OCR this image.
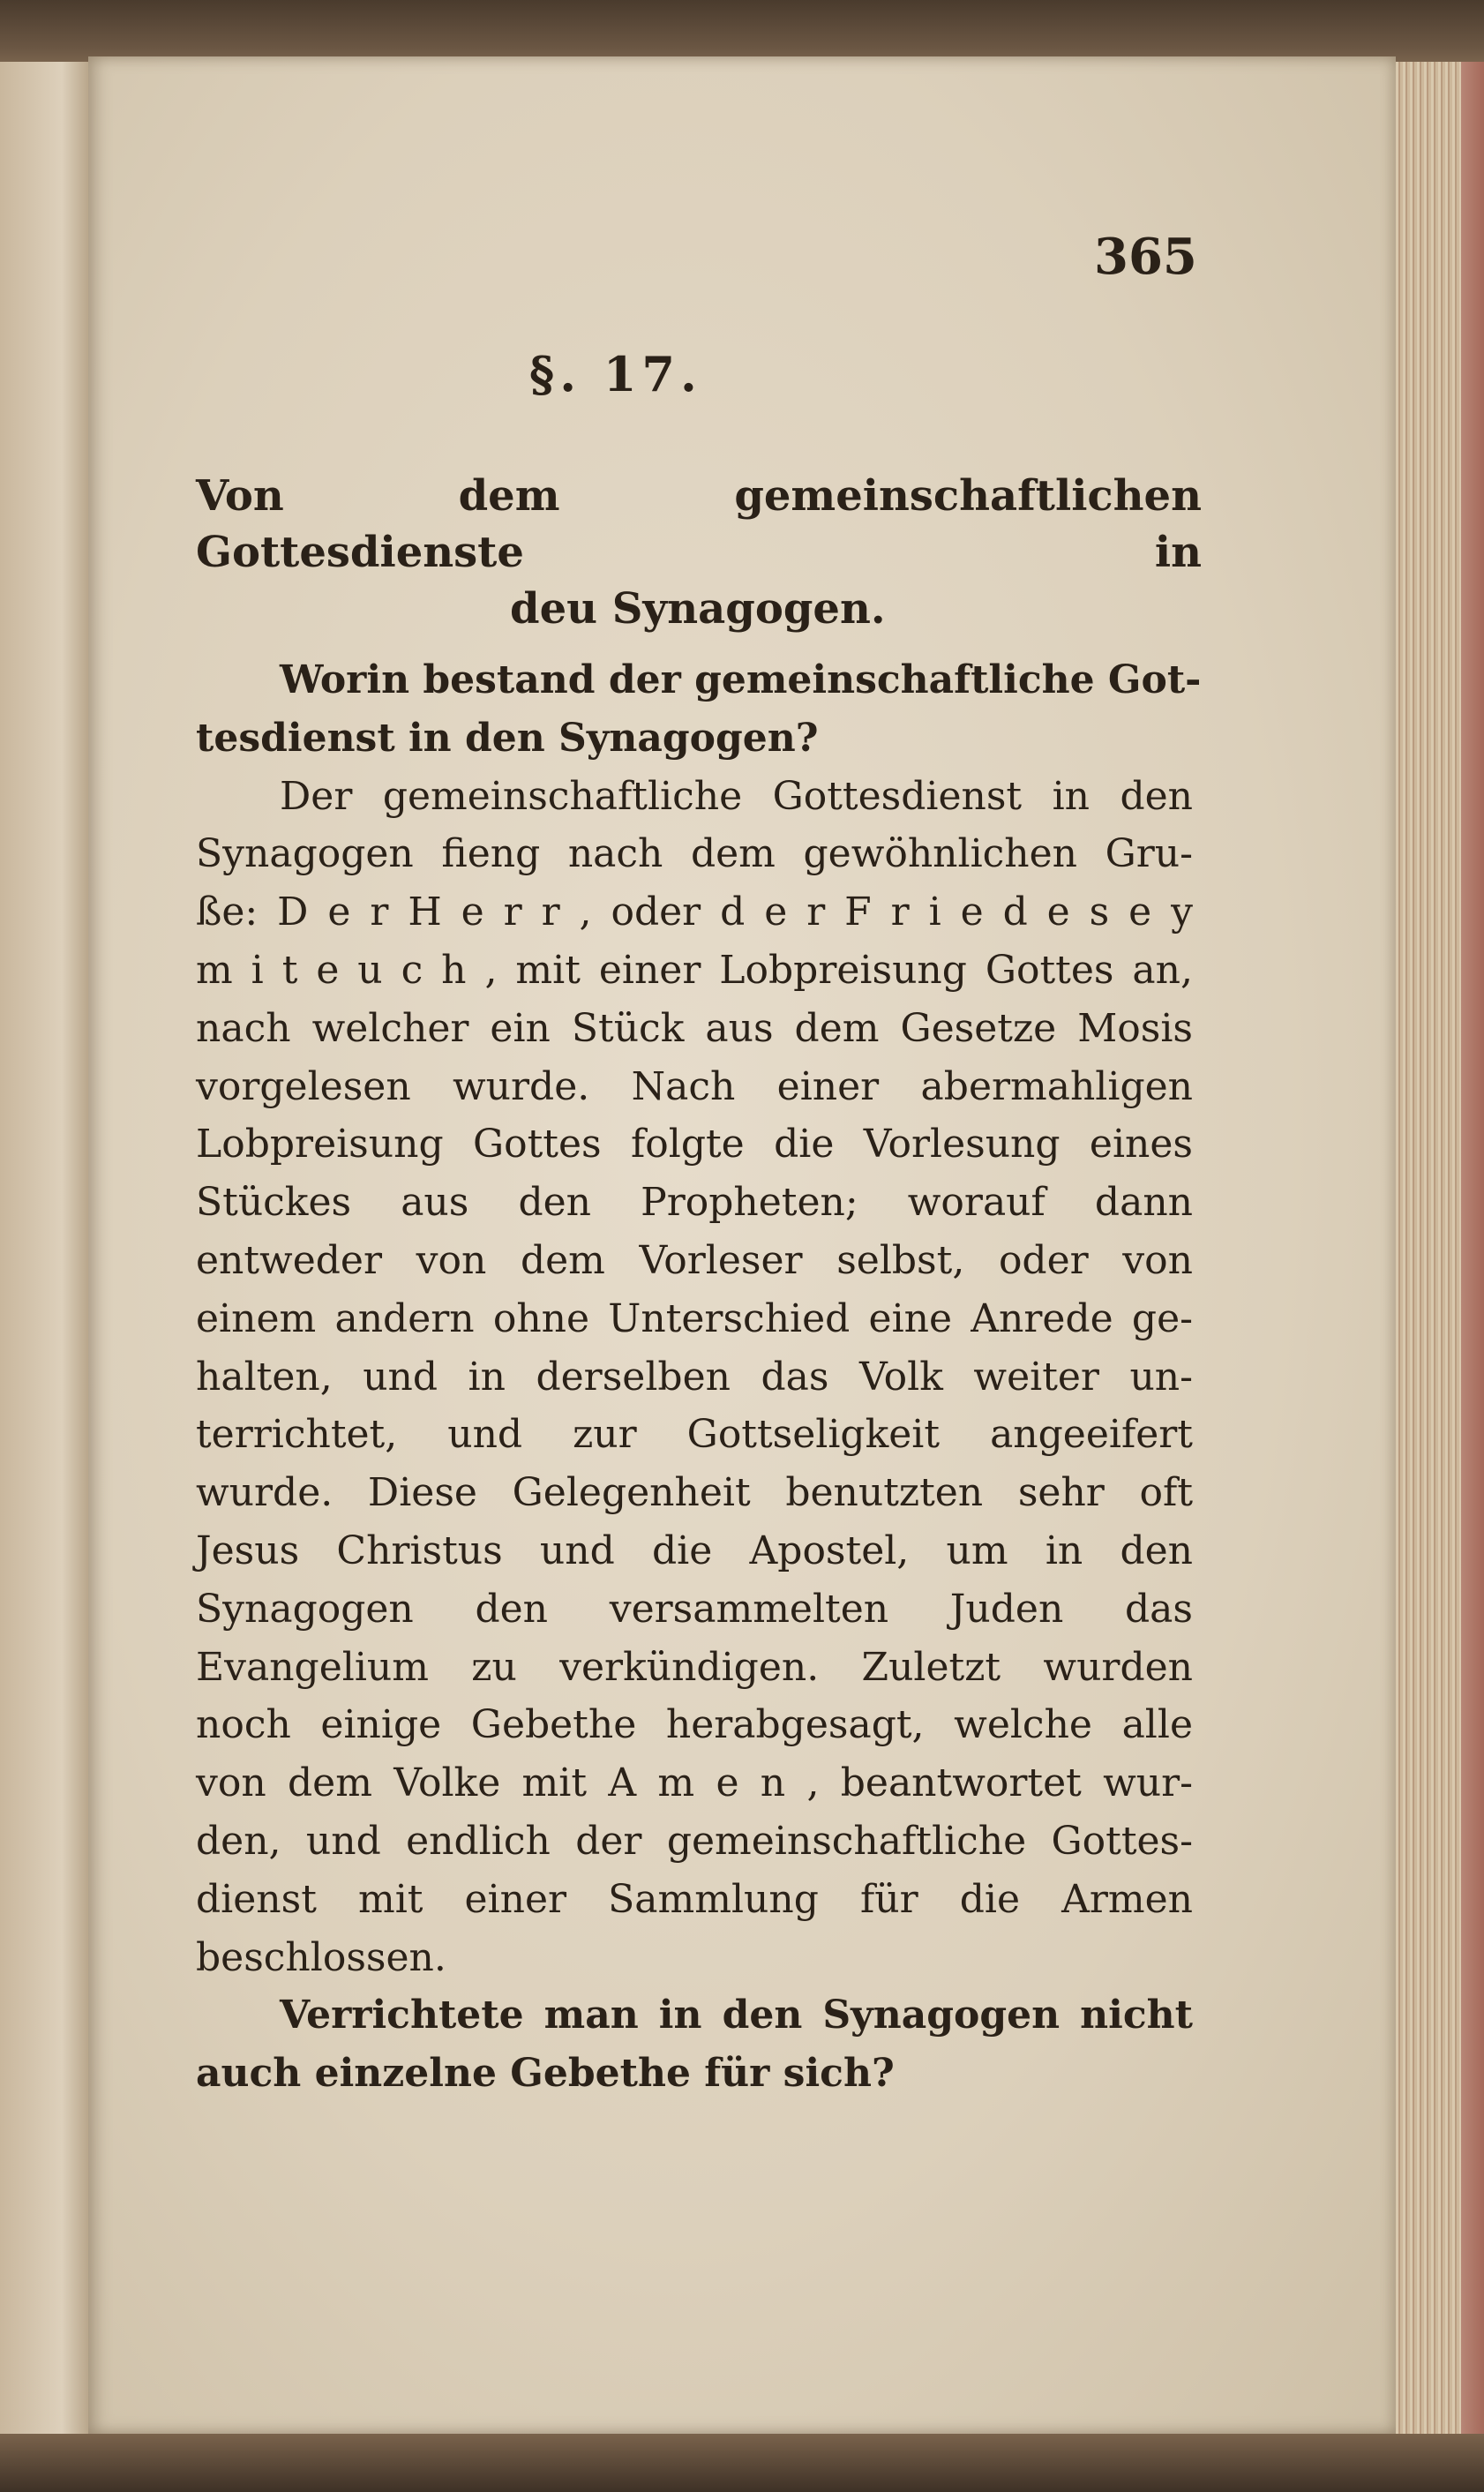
365
§. 17.
Von dem gemeinschaftlichen Gottesdienste in
deu Synagogen.
Worin bestand der gemeinschaftliche Got-
tesdienst in den Synagogen?
Der gemeinschaftliche Gottesdienst in den
Synagogen fieng nach dem gewöhnlichen Gru-
ße: D e r H e r r , oder d e r F r i e d e s e y
m i t e u c h , mit einer Lobpreisung Gottes an,
nach welcher ein Stück aus dem Gesetze Mosis
vorgelesen wurde. Nach einer abermahligen
Lobpreisung Gottes folgte die Vorlesung eines
Stückes aus den Propheten; worauf dann
entweder von dem Vorleser selbst, oder von
einem andern ohne Unterschied eine Anrede ge-
halten, und in derselben das Volk weiter un-
terrichtet, und zur Gottseligkeit angeeifert
wurde. Diese Gelegenheit benutzten sehr oft
Jesus Christus und die Apostel, um in den
Synagogen den versammelten Juden das
Evangelium zu verkündigen. Zuletzt wurden
noch einige Gebethe herabgesagt, welche alle
von dem Volke mit A m e n , beantwortet wur-
den, und endlich der gemeinschaftliche Gottes-
dienst mit einer Sammlung für die Armen
beschlossen.
Verrichtete man in den Synagogen nicht
auch einzelne Gebethe für sich?
